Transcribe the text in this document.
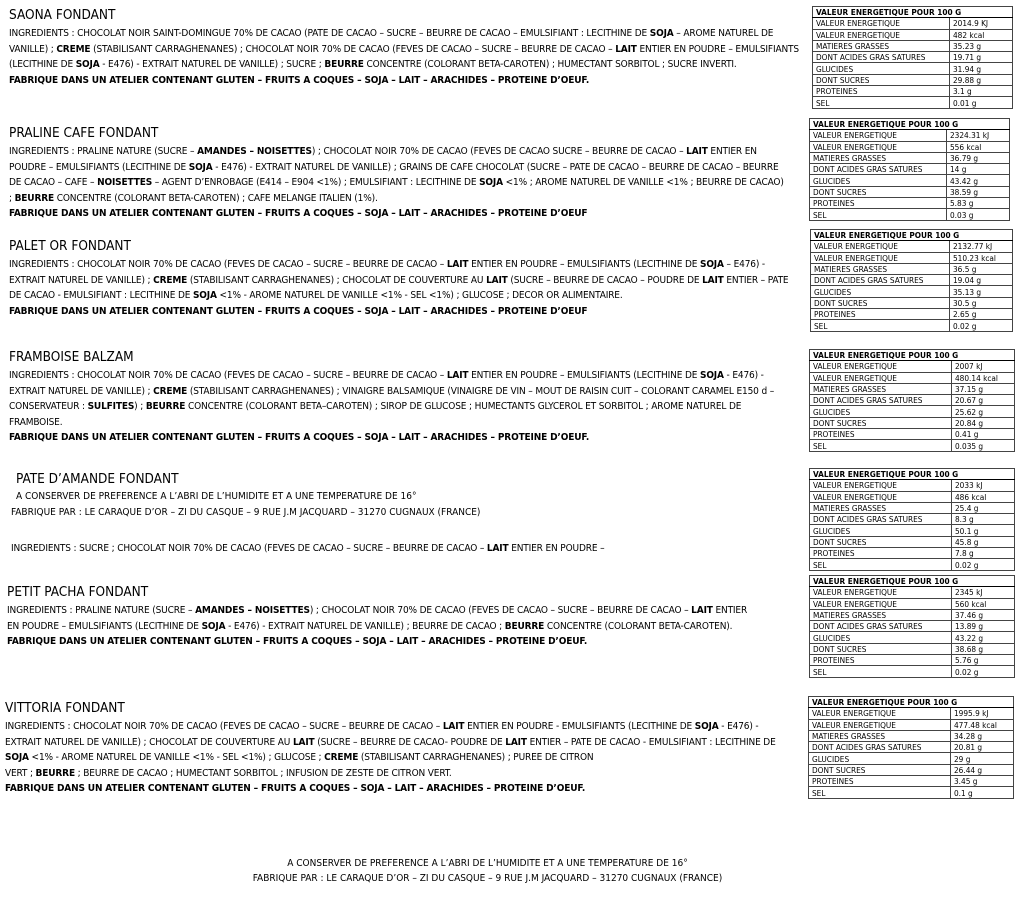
SAONA FONDANT
INGREDIENTS : CHOCOLAT NOIR SAINT-DOMINGUE 70% DE CACAO (PATE DE CACAO – SUCRE – BEURRE DE CACAO – EMULSIFIANT : LECITHINE DE SOJA – AROME NATUREL DE VANILLE) ; CREME (STABILISANT CARRAGHENANES) ; CHOCOLAT NOIR 70% DE CACAO (FEVES DE CACAO – SUCRE – BEURRE DE CACAO – LAIT ENTIER EN POUDRE – EMULSIFIANTS (LECITHINE DE SOJA - E476) - EXTRAIT NATUREL DE VANILLE) ; SUCRE ; BEURRE CONCENTRE (COLORANT BETA-CAROTEN) ; HUMECTANT SORBITOL ; SUCRE INVERTI.
FABRIQUE DANS UN ATELIER CONTENANT GLUTEN – FRUITS A COQUES – SOJA – LAIT – ARACHIDES – PROTEINE D’OEUF.
VALEUR ENERGETIQUE POUR 100 G	
VALEUR ENERGETIQUE	2014.9 KJ
VALEUR ENERGETIQUE	482 kcal
MATIERES GRASSES	35.23 g
DONT ACIDES GRAS SATURES	19.71 g
GLUCIDES	31.94 g
DONT SUCRES	29.88 g
PROTEINES	3.1 g
SEL	0.01 g
PRALINE CAFE FONDANT
INGREDIENTS : PRALINE NATURE (SUCRE – AMANDES – NOISETTES) ; CHOCOLAT NOIR 70% DE CACAO (FEVES DE CACAO SUCRE – BEURRE DE CACAO – LAIT ENTIER EN POUDRE – EMULSIFIANTS (LECITHINE DE SOJA - E476) - EXTRAIT NATUREL DE VANILLE) ; GRAINS DE CAFE CHOCOLAT (SUCRE – PATE DE CACAO – BEURRE DE CACAO – BEURRE DE CACAO – CAFE – NOISETTES – AGENT D’ENROBAGE (E414 – E904 <1%) ; EMULSIFIANT : LECITHINE DE SOJA <1% ; AROME NATUREL DE VANILLE <1% ; BEURRE DE CACAO) ; BEURRE CONCENTRE (COLORANT BETA-CAROTEN) ; CAFE MELANGE ITALIEN (1%).
FABRIQUE DANS UN ATELIER CONTENANT GLUTEN – FRUITS A COQUES – SOJA – LAIT – ARACHIDES – PROTEINE D’OEUF
VALEUR ENERGETIQUE POUR 100 G	
VALEUR ENERGETIQUE	2324.31 kJ
VALEUR ENERGETIQUE	556 kcal
MATIERES GRASSES	36.79 g
DONT ACIDES GRAS SATURES	14 g
GLUCIDES	43.42 g
DONT SUCRES	38.59 g
PROTEINES	5.83 g
SEL	0.03 g
PALET OR FONDANT
INGREDIENTS : CHOCOLAT NOIR 70% DE CACAO (FEVES DE CACAO – SUCRE – BEURRE DE CACAO – LAIT ENTIER EN POUDRE – EMULSIFIANTS (LECITHINE DE SOJA – E476) - EXTRAIT NATUREL DE VANILLE) ; CREME (STABILISANT CARRAGHENANES) ; CHOCOLAT DE COUVERTURE AU LAIT (SUCRE – BEURRE DE CACAO – POUDRE DE LAIT ENTIER – PATE DE CACAO - EMULSIFIANT : LECITHINE DE SOJA <1% - AROME NATUREL DE VANILLE <1% - SEL <1%) ; GLUCOSE ; DECOR OR ALIMENTAIRE.
FABRIQUE DANS UN ATELIER CONTENANT GLUTEN – FRUITS A COQUES – SOJA – LAIT – ARACHIDES – PROTEINE D’OEUF
VALEUR ENERGETIQUE POUR 100 G	
VALEUR ENERGETIQUE	2132.77 kJ
VALEUR ENERGETIQUE	510.23 kcal
MATIERES GRASSES	36.5 g
DONT ACIDES GRAS SATURES	19.04 g
GLUCIDES	35.13 g
DONT SUCRES	30.5 g
PROTEINES	2.65 g
SEL	0.02 g
FRAMBOISE BALZAM
INGREDIENTS : CHOCOLAT NOIR 70% DE CACAO (FEVES DE CACAO – SUCRE – BEURRE DE CACAO – LAIT ENTIER EN POUDRE – EMULSIFIANTS (LECITHINE DE SOJA - E476) - EXTRAIT NATUREL DE VANILLE) ; CREME (STABILISANT CARRAGHENANES) ; VINAIGRE BALSAMIQUE (VINAIGRE DE VIN – MOUT DE RAISIN CUIT – COLORANT CARAMEL E150 d – CONSERVATEUR : SULFITES) ; BEURRE CONCENTRE (COLORANT BETA–CAROTEN) ; SIROP DE GLUCOSE ; HUMECTANTS GLYCEROL ET SORBITOL ; AROME NATUREL DE FRAMBOISE.
FABRIQUE DANS UN ATELIER CONTENANT GLUTEN – FRUITS A COQUES – SOJA – LAIT – ARACHIDES – PROTEINE D’OEUF.
VALEUR ENERGETIQUE POUR 100 G	
VALEUR ENERGETIQUE	2007 kJ
VALEUR ENERGETIQUE	480.14 kcal
MATIERES GRASSES	37.15 g
DONT ACIDES GRAS SATURES	20.67 g
GLUCIDES	25.62 g
DONT SUCRES	20.84 g
PROTEINES	0.41 g
SEL	0.035 g
PATE D’AMANDE FONDANT
A CONSERVER DE PREFERENCE A L’ABRI DE L’HUMIDITE ET A UNE TEMPERATURE DE 16°
FABRIQUE PAR : LE CARAQUE D’OR – ZI DU CASQUE – 9 RUE J.M JACQUARD – 31270 CUGNAUX (FRANCE)
INGREDIENTS : SUCRE ; CHOCOLAT NOIR 70% DE CACAO (FEVES DE CACAO – SUCRE – BEURRE DE CACAO – LAIT ENTIER EN POUDRE –
VALEUR ENERGETIQUE POUR 100 G	
VALEUR ENERGETIQUE	2033 kJ
VALEUR ENERGETIQUE	486 kcal
MATIERES GRASSES	25.4 g
DONT ACIDES GRAS SATURES	8.3 g
GLUCIDES	50.1 g
DONT SUCRES	45.8 g
PROTEINES	7.8 g
SEL	0.02 g
PETIT PACHA FONDANT
INGREDIENTS : PRALINE NATURE (SUCRE – AMANDES – NOISETTES) ; CHOCOLAT NOIR 70% DE CACAO (FEVES DE CACAO – SUCRE – BEURRE DE CACAO – LAIT ENTIER EN POUDRE – EMULSIFIANTS (LECITHINE DE SOJA - E476) - EXTRAIT NATUREL DE VANILLE) ; BEURRE DE CACAO ; BEURRE CONCENTRE (COLORANT BETA-CAROTEN).
FABRIQUE DANS UN ATELIER CONTENANT GLUTEN – FRUITS A COQUES – SOJA – LAIT – ARACHIDES – PROTEINE D’OEUF.
VALEUR ENERGETIQUE POUR 100 G	
VALEUR ENERGETIQUE	2345 kJ
VALEUR ENERGETIQUE	560 kcal
MATIERES GRASSES	37.46 g
DONT ACIDES GRAS SATURES	13.89 g
GLUCIDES	43.22 g
DONT SUCRES	38.68 g
PROTEINES	5.76 g
SEL	0.02 g
VITTORIA FONDANT
INGREDIENTS : CHOCOLAT NOIR 70% DE CACAO (FEVES DE CACAO – SUCRE – BEURRE DE CACAO – LAIT ENTIER EN POUDRE - EMULSIFIANTS (LECITHINE DE SOJA - E476) - EXTRAIT NATUREL DE VANILLE) ; CHOCOLAT DE COUVERTURE AU LAIT (SUCRE – BEURRE DE CACAO- POUDRE DE LAIT ENTIER – PATE DE CACAO - EMULSIFIANT : LECITHINE DE SOJA <1% - AROME NATUREL DE VANILLE <1% - SEL <1%) ; GLUCOSE ; CREME (STABILISANT CARRAGHENANES) ; PUREE DE CITRON
VERT ; BEURRE ; BEURRE DE CACAO ; HUMECTANT SORBITOL ; INFUSION DE ZESTE DE CITRON VERT.
FABRIQUE DANS UN ATELIER CONTENANT GLUTEN – FRUITS A COQUES – SOJA – LAIT – ARACHIDES – PROTEINE D’OEUF.
VALEUR ENERGETIQUE POUR 100 G	
VALEUR ENERGETIQUE	1995.9 kJ
VALEUR ENERGETIQUE	477.48 kcal
MATIERES GRASSES	34.28 g
DONT ACIDES GRAS SATURES	20.81 g
GLUCIDES	29 g
DONT SUCRES	26.44 g
PROTEINES	3.45 g
SEL	0.1 g
A CONSERVER DE PREFERENCE A L’ABRI DE L’HUMIDITE ET A UNE TEMPERATURE DE 16°
FABRIQUE PAR : LE CARAQUE D’OR – ZI DU CASQUE – 9 RUE J.M JACQUARD – 31270 CUGNAUX (FRANCE)
